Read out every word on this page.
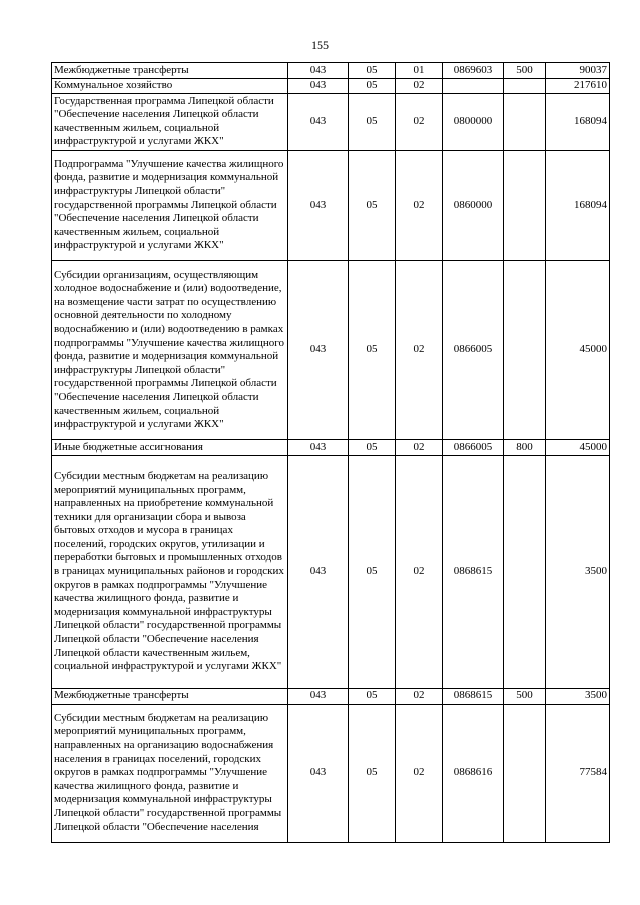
155
Межбюджетные трансферты	043	05	01	0869603	500	90037
Коммунальное хозяйство	043	05	02			217610
Государственная программа Липецкой области "Обеспечение населения Липецкой области качественным жильем, социальной инфраструктурой и услугами ЖКХ"	043	05	02	0800000		168094
Подпрограмма "Улучшение качества жилищного фонда, развитие и модернизация коммунальной инфраструктуры Липецкой области" государственной программы Липецкой области "Обеспечение населения Липецкой области качественным жильем, социальной инфраструктурой и услугами ЖКХ"	043	05	02	0860000		168094
Субсидии организациям, осуществляющим холодное водоснабжение и (или) водоотведение, на возмещение части затрат по осуществлению основной деятельности по холодному водоснабжению и (или) водоотведению в рамках подпрограммы "Улучшение качества жилищного фонда, развитие и модернизация коммунальной инфраструктуры Липецкой области" государственной программы Липецкой области "Обеспечение населения Липецкой области качественным жильем, социальной инфраструктурой и услугами ЖКХ"	043	05	02	0866005		45000
Иные бюджетные ассигнования	043	05	02	0866005	800	45000
Субсидии местным бюджетам на реализацию мероприятий муниципальных программ, направленных на приобретение коммунальной техники для организации сбора и вывоза бытовых отходов и мусора в границах поселений, городских округов, утилизации и переработки бытовых и промышленных отходов в границах муниципальных районов и городских округов в рамках подпрограммы "Улучшение качества жилищного фонда, развитие и модернизация коммунальной инфраструктуры Липецкой области" государственной программы Липецкой области "Обеспечение населения Липецкой области качественным жильем, социальной инфраструктурой и услугами ЖКХ"	043	05	02	0868615		3500
Межбюджетные трансферты	043	05	02	0868615	500	3500
Субсидии местным бюджетам на реализацию мероприятий муниципальных программ, направленных на организацию водоснабжения населения в границах поселений, городских округов в рамках подпрограммы "Улучшение качества жилищного фонда, развитие и модернизация коммунальной инфраструктуры Липецкой области" государственной программы Липецкой области "Обеспечение населения	043	05	02	0868616		77584
